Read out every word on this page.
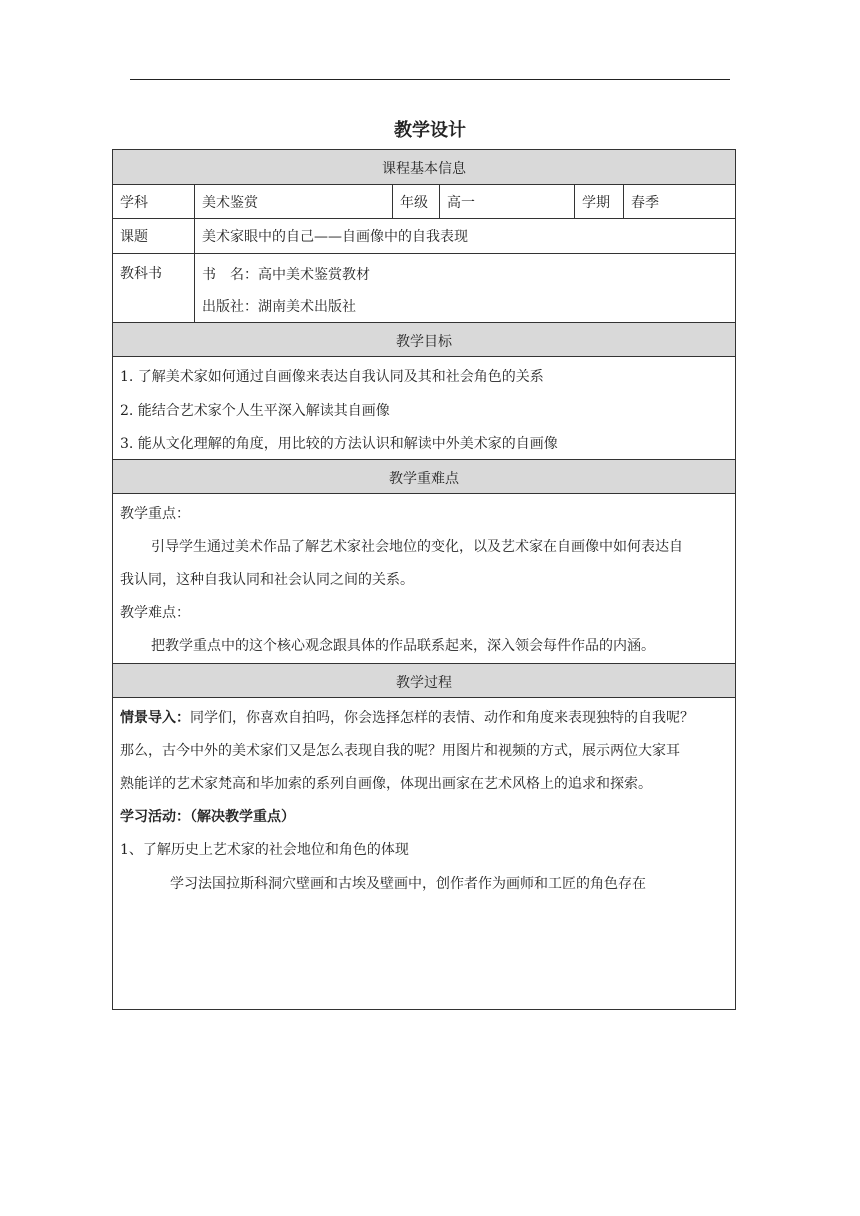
教学设计
课程基本信息
学科	美术鉴赏	年级	高一	学期	春季
课题	美术家眼中的自己——自画像中的自我表现
教科书	书　名：高中美术鉴赏教材
出版社：湖南美术出版社
教学目标
1. 了解美术家如何通过自画像来表达自我认同及其和社会角色的关系
2. 能结合艺术家个人生平深入解读其自画像
3. 能从文化理解的角度，用比较的方法认识和解读中外美术家的自画像
教学重难点
教学重点：
引导学生通过美术作品了解艺术家社会地位的变化，以及艺术家在自画像中如何表达自
我认同，这种自我认同和社会认同之间的关系。
教学难点：
把教学重点中的这个核心观念跟具体的作品联系起来，深入领会每件作品的内涵。
教学过程
情景导入：同学们，你喜欢自拍吗，你会选择怎样的表情、动作和角度来表现独特的自我呢？
那么，古今中外的美术家们又是怎么表现自我的呢？用图片和视频的方式，展示两位大家耳
熟能详的艺术家梵高和毕加索的系列自画像，体现出画家在艺术风格上的追求和探索。
学习活动：（解决教学重点）
1、了解历史上艺术家的社会地位和角色的体现
学习法国拉斯科洞穴壁画和古埃及壁画中，创作者作为画师和工匠的角色存在
